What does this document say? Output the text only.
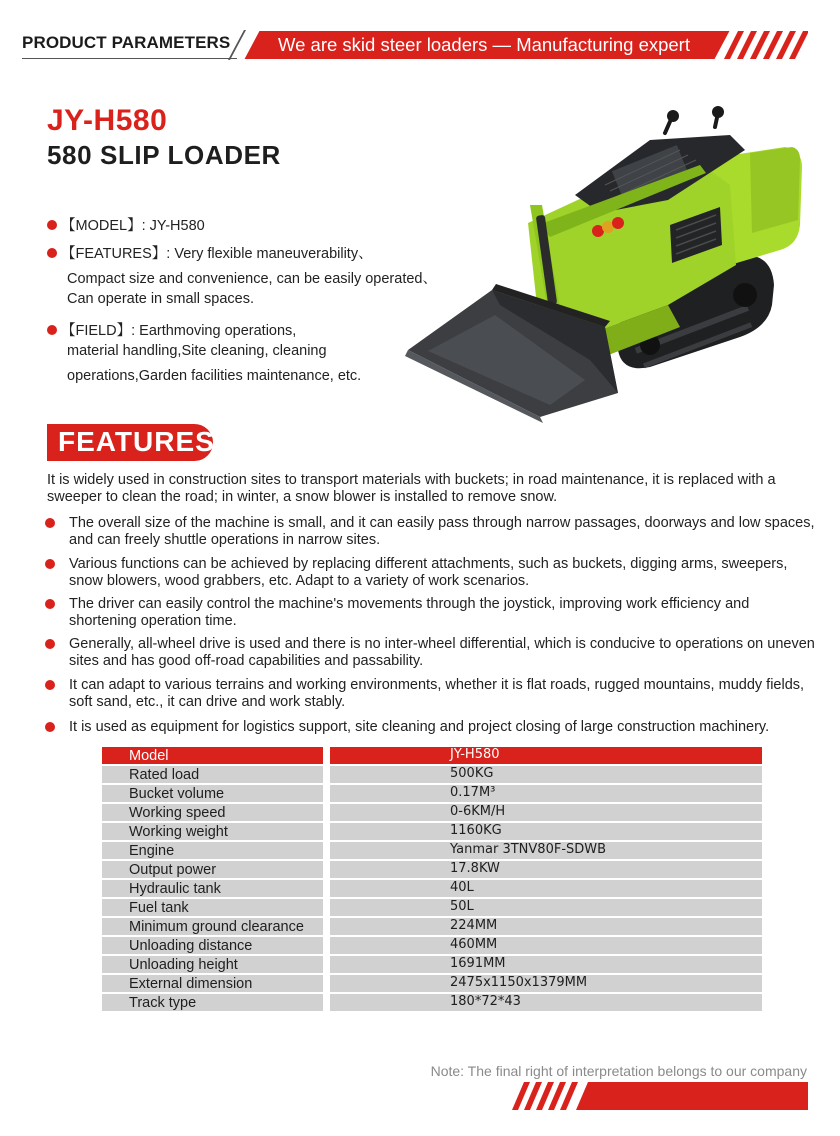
PRODUCT PARAMETERS	We are skid steer loaders — Manufacturing expert
JY-H580
580 SLIP LOADER
【MODEL】: JY-H580
【FEATURES】: Very flexible maneuverability、
Compact size and convenience, can be easily operated、
Can operate in small spaces.
【FIELD】: Earthmoving operations,
material handling,Site cleaning, cleaning
operations,Garden facilities maintenance, etc.
FEATURES
It is widely used in construction sites to transport materials with buckets; in road maintenance, it is replaced with a sweeper to clean the road; in winter, a snow blower is installed to remove snow.
The overall size of the machine is small, and it can easily pass through narrow passages, doorways and low spaces, and can freely shuttle operations in narrow sites.
Various functions can be achieved by replacing different attachments, such as buckets, digging arms, sweepers, snow blowers, wood grabbers, etc. Adapt to a variety of work scenarios.
The driver can easily control the machine's movements through the joystick, improving work efficiency and shortening operation time.
Generally, all-wheel drive is used and there is no inter-wheel differential, which is conducive to operations on uneven sites and has good off-road capabilities and passability.
It can adapt to various terrains and working environments, whether it is flat roads, rugged mountains, muddy fields, soft sand, etc., it can drive and work stably.
It is used as equipment for logistics support, site cleaning and project closing of large construction machinery.
Model	JY-H580
Rated load	500KG
Bucket volume	0.17M³
Working speed	0-6KM/H
Working weight	1160KG
Engine	Yanmar 3TNV80F-SDWB
Output power	17.8KW
Hydraulic tank	40L
Fuel tank	50L
Minimum ground clearance	224MM
Unloading distance	460MM
Unloading height	1691MM
External dimension	2475x1150x1379MM
Track type	180*72*43
Note: The final right of interpretation belongs to our company
